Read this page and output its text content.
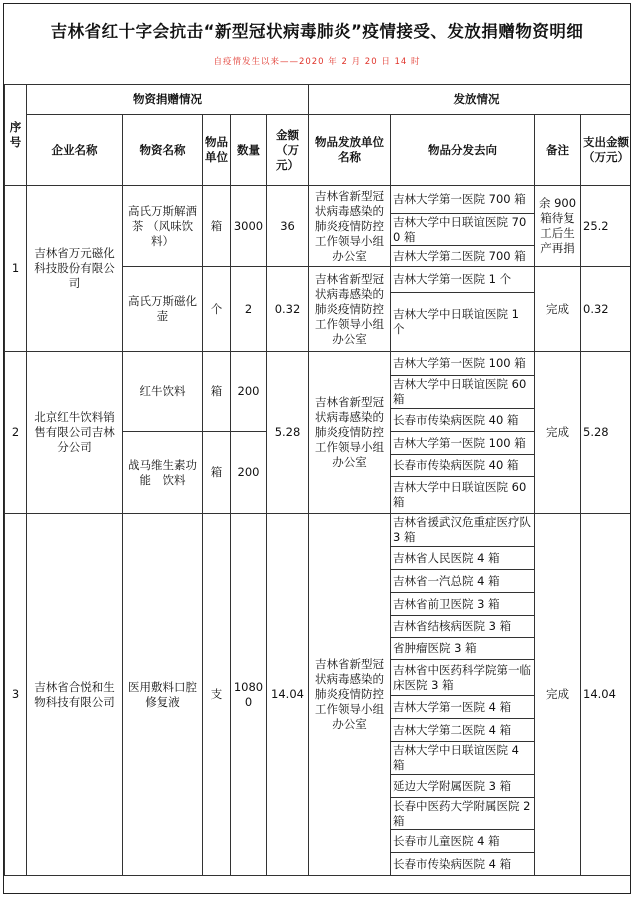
吉林省红十字会抗击“新型冠状病毒肺炎”疫情接受、发放捐赠物资明细
自疫情发生以来——2020 年 2 月 20 日 14 时
序号	物资捐赠情况					发放情况			
	企业名称	物资名称	物品单位	数量	金额（万元）	物品发放单位名称	物品分发去向	备注	支出金额（万元）
1	吉林省万元磁化科技股份有限公司	高氏万斯解酒茶 （风味饮料）	箱	3000	36	吉林省新型冠状病毒感染的肺炎疫情防控工作领导小组办公室	吉林大学第一医院 700 箱	余 900 箱待复工后生产再捐	25.2
							吉林大学中日联谊医院 700 箱		
							吉林大学第二医院 700 箱		
		高氏万斯磁化壶	个	2	0.32	吉林省新型冠状病毒感染的肺炎疫情防控工作领导小组办公室	吉林大学第一医院 1 个	完成	0.32
							吉林大学中日联谊医院 1 个		
2	北京红牛饮料销售有限公司吉林分公司	红牛饮料	箱	200	5.28	吉林省新型冠状病毒感染的肺炎疫情防控工作领导小组办公室	吉林大学第一医院 100 箱	完成	5.28
							吉林大学中日联谊医院 60 箱		
							长春市传染病医院 40 箱		
		战马维生素功能　饮料	箱	200			吉林大学第一医院 100 箱		
							长春市传染病医院 40 箱		
							吉林大学中日联谊医院 60 箱		
3	吉林省合悦和生物科技有限公司	医用敷料口腔修复液	支	10800	14.04	吉林省新型冠状病毒感染的肺炎疫情防控工作领导小组办公室	吉林省援武汉危重症医疗队 3 箱	完成	14.04
							吉林省人民医院 4 箱		
							吉林省一汽总院 4 箱		
							吉林省前卫医院 3 箱		
							吉林省结核病医院 3 箱		
							省肿瘤医院 3 箱		
							吉林省中医药科学院第一临床医院 3 箱		
							吉林大学第一医院 4 箱		
							吉林大学第二医院 4 箱		
							吉林大学中日联谊医院 4 箱		
							延边大学附属医院 3 箱		
							长春中医药大学附属医院 2 箱		
							长春市儿童医院 4 箱		
							长春市传染病医院 4 箱		
